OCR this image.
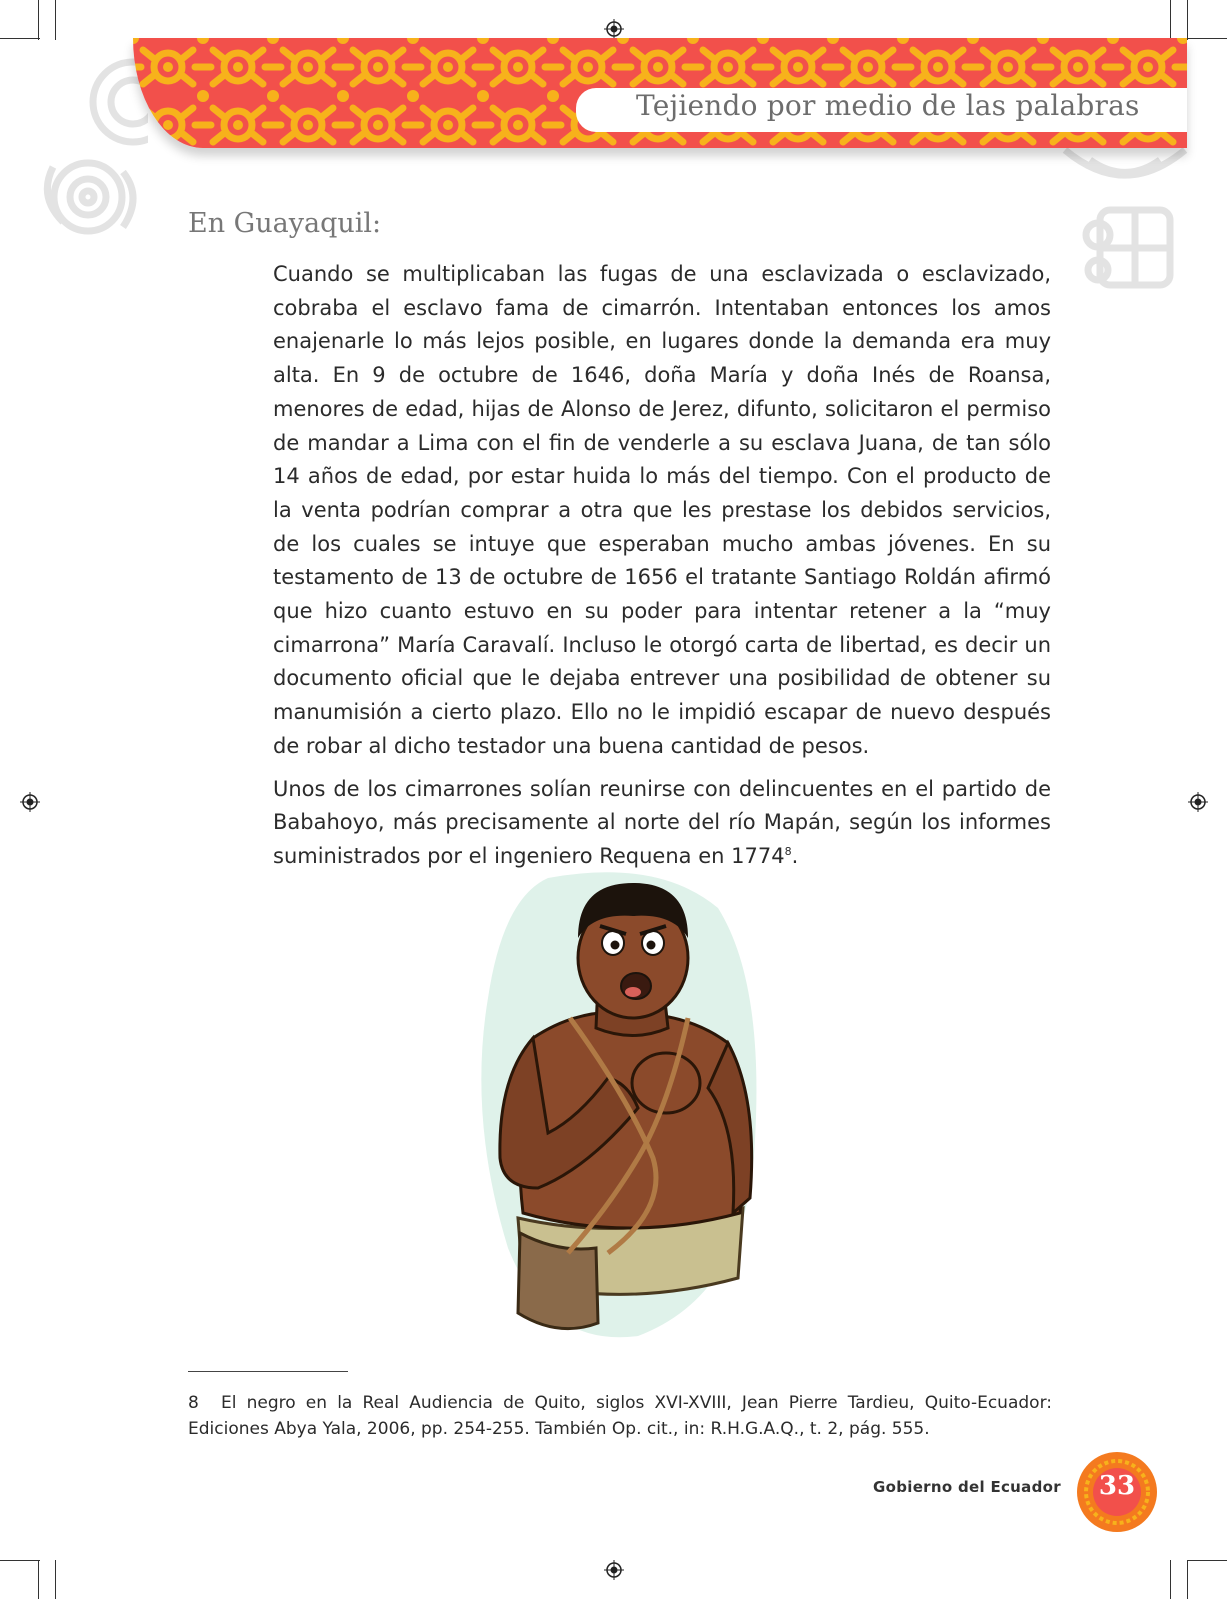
Tejiendo por medio de las palabras
En Guayaquil:

Cuando se multiplicaban las fugas de una esclavizada o esclavizado, cobraba el esclavo fama de cimarrón. Intentaban entonces los amos enajenarle lo más lejos posible, en lugares donde la demanda era muy alta. En 9 de octubre de 1646, doña María y doña Inés de Roansa, menores de edad, hijas de Alonso de Jerez, difunto, solicitaron el permiso de mandar a Lima con el fin de venderle a su esclava Juana, de tan sólo 14 años de edad, por estar huida lo más del tiempo. Con el producto de la venta podrían comprar a otra que les prestase los debidos servicios, de los cuales se intuye que esperaban mucho ambas jóvenes. En su testamento de 13 de octubre de 1656 el tratante Santiago Roldán afirmó que hizo cuanto estuvo en su poder para intentar retener a la “muy cimarrona” María Caravalí. Incluso le otorgó carta de libertad, es decir un documento oficial que le dejaba entrever una posibilidad de obtener su manumisión a cierto plazo. Ello no le impidió escapar de nuevo después de robar al dicho testador una buena cantidad de pesos.

Unos de los cimarrones solían reunirse con delincuentes en el partido de Babahoyo, más precisamente al norte del río Mapán, según los informes suministrados por el ingeniero Requena en 1774$^8$.

8 El negro en la Real Audiencia de Quito, siglos XVI-XVIII, Jean Pierre Tardieu, Quito-Ecuador: Ediciones Abya Yala, 2006, pp. 254-255. También Op. cit., in: R.H.G.A.Q., t. 2, pág. 555.
Gobierno del Ecuador	33
